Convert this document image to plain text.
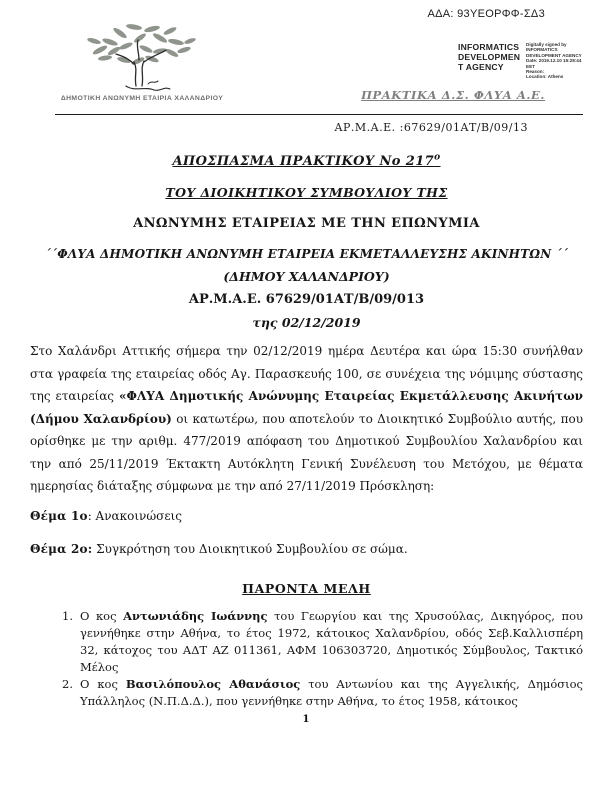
ΑΔΑ: 93ΥΕΟΡΦΦ-ΣΔ3
ΔΗΜΟΤΙΚΗ ΑΝΩΝΥΜΗ ΕΤΑΙΡΙΑ ΧΑΛΑΝΔΡΙΟΥ
INFORMATICS
DEVELOPMEN
T AGENCY
Digitally signed by
INFORMATICS
DEVELOPMENT AGENCY
Date: 2019.12.10 15:28:44
EET
Reason:
Location: Athens
ΠΡΑΚΤΙΚΑ Δ.Σ. ΦΛΥΑ Α.Ε.
ΑΡ.Μ.Α.Ε. :67629/01ΑΤ/Β/09/13
ΑΠΟΣΠΑΣΜΑ ΠΡΑΚΤΙΚΟΥ Νο $217^o$
ΤΟΥ ΔΙΟΙΚΗΤΙΚΟΥ ΣΥΜΒΟΥΛΙΟΥ ΤΗΣ
ΑΝΩΝΥΜΗΣ ΕΤΑΙΡΕΙΑΣ ΜΕ ΤΗΝ ΕΠΩΝΥΜΙΑ
΄΄ΦΛΥΑ ΔΗΜΟΤΙΚΗ ΑΝΩΝΥΜΗ ΕΤΑΙΡΕΙΑ ΕΚΜΕΤΑΛΛΕΥΣΗΣ ΑΚΙΝΗΤΩΝ ΄΄
(ΔΗΜΟΥ ΧΑΛΑΝΔΡΙΟΥ)
ΑΡ.Μ.Α.Ε. 67629/01ΑΤ/Β/09/013
της 02/12/2019

Στο Χαλάνδρι Αττικής σήμερα την 02/12/2019 ημέρα Δευτέρα και ώρα 15:30 συνήλθαν στα γραφεία της εταιρείας οδός Αγ. Παρασκευής 100, σε συνέχεια της νόμιμης σύστασης της εταιρείας «ΦΛΥΑ Δημοτικής Ανώνυμης Εταιρείας Εκμετάλλευσης Ακινήτων (Δήμου Χαλανδρίου) οι κατωτέρω, που αποτελούν το Διοικητικό Συμβούλιο αυτής, που ορίσθηκε με την αριθμ. 477/2019 απόφαση του Δημοτικού Συμβουλίου Χαλανδρίου και την από 25/11/2019 Έκτακτη Αυτόκλητη Γενική Συνέλευση του Μετόχου, με θέματα ημερησίας διάταξης σύμφωνα με την από 27/11/2019 Πρόσκληση:

Θέμα 1ο: Ανακοινώσεις
Θέμα 2ο: Συγκρότηση του Διοικητικού Συμβουλίου σε σώμα.
ΠΑΡΟΝΤΑ ΜΕΛΗ
1. Ο κος Αντωνιάδης Ιωάννης του Γεωργίου και της Χρυσούλας, Δικηγόρος, που γεννήθηκε στην Αθήνα, το έτος 1972, κάτοικος Χαλανδρίου, οδός Σεβ.Καλλισπέρη 32, κάτοχος του ΑΔΤ ΑΖ 011361, ΑΦΜ 106303720, Δημοτικός Σύμβουλος, Τακτικό Μέλος
2. Ο κος Βασιλόπουλος Αθανάσιος του Αντωνίου και της Αγγελικής, Δημόσιος Υπάλληλος (Ν.Π.Δ.Δ.), που γεννήθηκε στην Αθήνα, το έτος 1958, κάτοικος
1
